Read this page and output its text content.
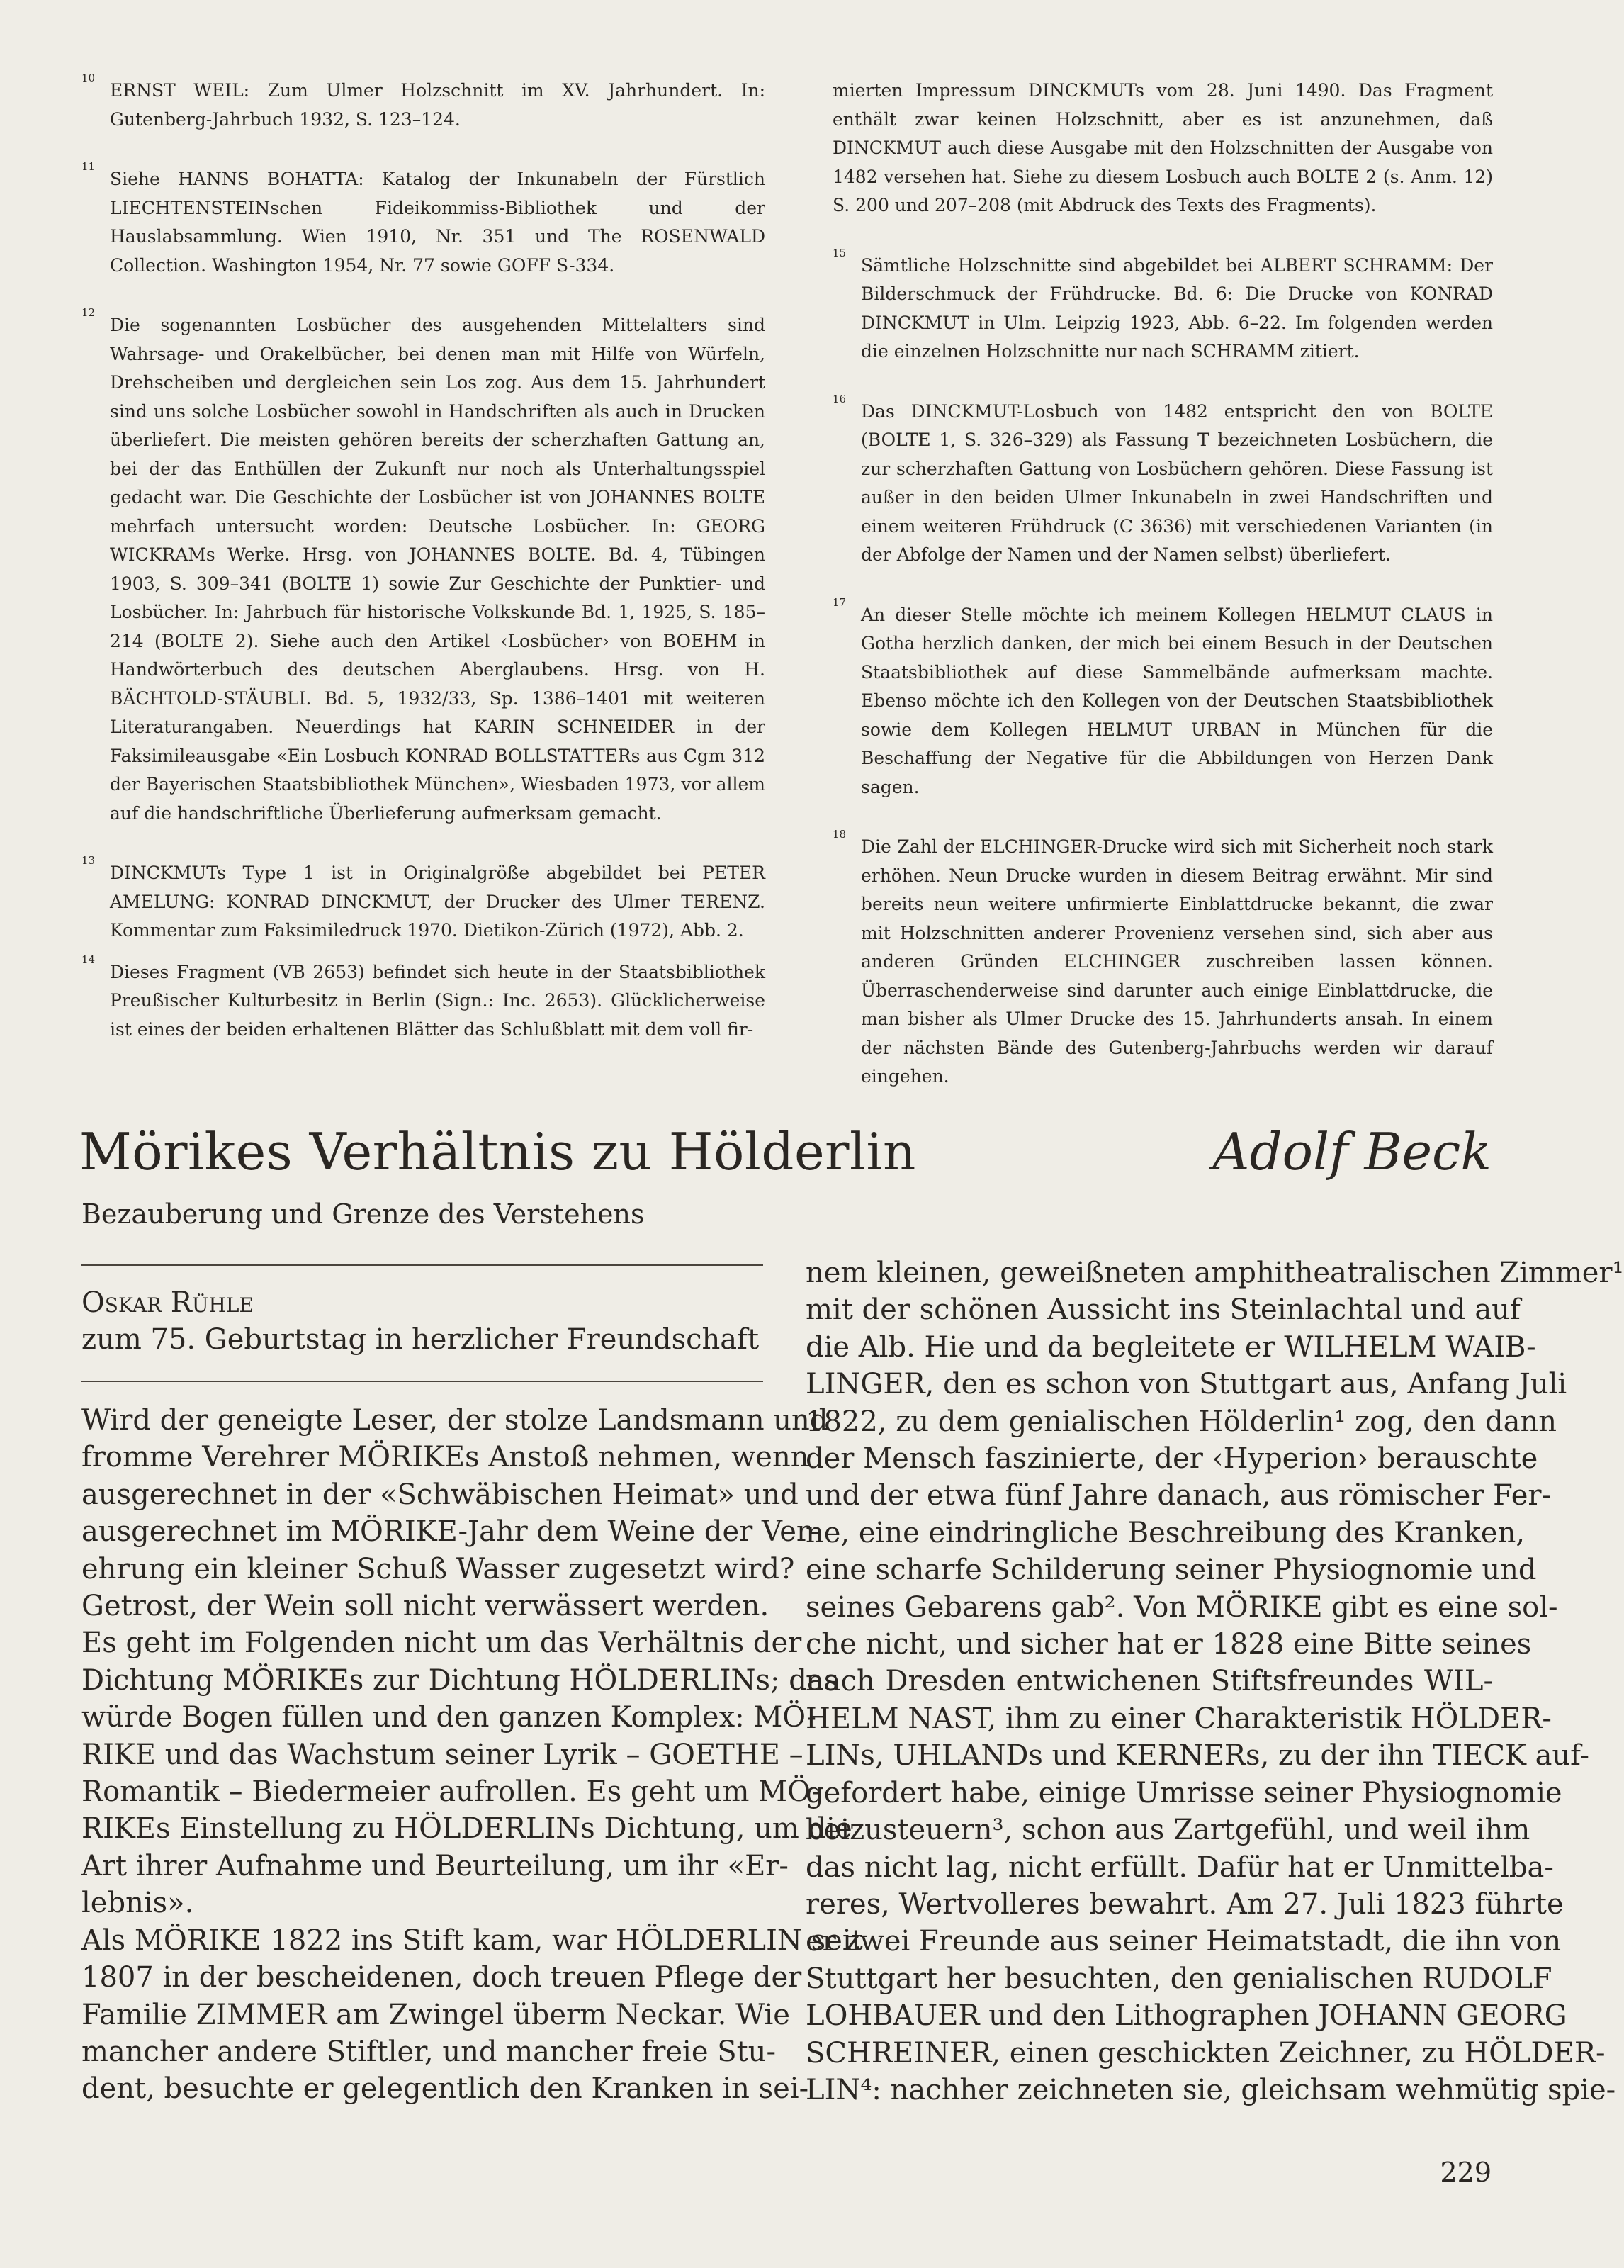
10
ERNST WEIL: Zum Ulmer Holzschnitt im XV. Jahrhundert. In: Gutenberg-Jahrbuch 1932, S. 123–124.
11
Siehe HANNS BOHATTA: Katalog der Inkunabeln der Fürstlich LIECHTENSTEINschen Fideikommiss-Bibliothek und der Hauslabsammlung. Wien 1910, Nr. 351 und The ROSENWALD Collection. Washington 1954, Nr. 77 sowie GOFF S-334.
12
Die sogenannten Losbücher des ausgehenden Mittelalters sind Wahrsage- und Orakelbücher, bei denen man mit Hilfe von Würfeln, Drehscheiben und dergleichen sein Los zog. Aus dem 15. Jahrhundert sind uns solche Losbücher sowohl in Handschriften als auch in Drucken überliefert. Die meisten gehören bereits der scherzhaften Gattung an, bei der das Enthüllen der Zukunft nur noch als Unterhaltungsspiel gedacht war. Die Geschichte der Losbücher ist von JOHANNES BOLTE mehrfach untersucht worden: Deutsche Losbücher. In: GEORG WICKRAMs Werke. Hrsg. von JOHANNES BOLTE. Bd. 4, Tübingen 1903, S. 309–341 (BOLTE 1) sowie Zur Geschichte der Punktier- und Losbücher. In: Jahrbuch für historische Volkskunde Bd. 1, 1925, S. 185–214 (BOLTE 2). Siehe auch den Artikel ‹Losbücher› von BOEHM in Handwörterbuch des deutschen Aberglaubens. Hrsg. von H. BÄCHTOLD-STÄUBLI. Bd. 5, 1932/33, Sp. 1386–1401 mit weiteren Literaturangaben. Neuerdings hat KARIN SCHNEIDER in der Faksimileausgabe «Ein Losbuch KONRAD BOLLSTATTERs aus Cgm 312 der Bayerischen Staatsbibliothek München», Wiesbaden 1973, vor allem auf die handschriftliche Überlieferung aufmerksam gemacht.
13
DINCKMUTs Type 1 ist in Originalgröße abgebildet bei PETER AMELUNG: KONRAD DINCKMUT, der Drucker des Ulmer TERENZ. Kommentar zum Faksimiledruck 1970. Dietikon-Zürich (1972), Abb. 2.
14
Dieses Fragment (VB 2653) befindet sich heute in der Staatsbibliothek Preußischer Kulturbesitz in Berlin (Sign.: Inc. 2653). Glücklicherweise ist eines der beiden erhaltenen Blätter das Schlußblatt mit dem voll fir-
mierten Impressum DINCKMUTs vom 28. Juni 1490. Das Fragment enthält zwar keinen Holzschnitt, aber es ist anzunehmen, daß DINCKMUT auch diese Ausgabe mit den Holzschnitten der Ausgabe von 1482 versehen hat. Siehe zu diesem Losbuch auch BOLTE 2 (s. Anm. 12) S. 200 und 207–208 (mit Abdruck des Texts des Fragments).
15
Sämtliche Holzschnitte sind abgebildet bei ALBERT SCHRAMM: Der Bilderschmuck der Frühdrucke. Bd. 6: Die Drucke von KONRAD DINCKMUT in Ulm. Leipzig 1923, Abb. 6–22. Im folgenden werden die einzelnen Holzschnitte nur nach SCHRAMM zitiert.
16
Das DINCKMUT-Losbuch von 1482 entspricht den von BOLTE (BOLTE 1, S. 326–329) als Fassung T bezeichneten Losbüchern, die zur scherzhaften Gattung von Losbüchern gehören. Diese Fassung ist außer in den beiden Ulmer Inkunabeln in zwei Handschriften und einem weiteren Frühdruck (C 3636) mit verschiedenen Varianten (in der Abfolge der Namen und der Namen selbst) überliefert.
17
An dieser Stelle möchte ich meinem Kollegen HELMUT CLAUS in Gotha herzlich danken, der mich bei einem Besuch in der Deutschen Staatsbibliothek auf diese Sammelbände aufmerksam machte. Ebenso möchte ich den Kollegen von der Deutschen Staatsbibliothek sowie dem Kollegen HELMUT URBAN in München für die Beschaffung der Negative für die Abbildungen von Herzen Dank sagen.
18
Die Zahl der ELCHINGER-Drucke wird sich mit Sicherheit noch stark erhöhen. Neun Drucke wurden in diesem Beitrag erwähnt. Mir sind bereits neun weitere unfirmierte Einblattdrucke bekannt, die zwar mit Holzschnitten anderer Provenienz versehen sind, sich aber aus anderen Gründen ELCHINGER zuschreiben lassen können. Überraschenderweise sind darunter auch einige Einblattdrucke, die man bisher als Ulmer Drucke des 15. Jahrhunderts ansah. In einem der nächsten Bände des Gutenberg-Jahrbuchs werden wir darauf eingehen.
Mörikes Verhältnis zu Hölderlin	Adolf Beck
Bezauberung und Grenze des Verstehens
Oskar Rühle
zum 75. Geburtstag in herzlicher Freundschaft
Wird der geneigte Leser, der stolze Landsmann und
fromme Verehrer MÖRIKEs Anstoß nehmen, wenn
ausgerechnet in der «Schwäbischen Heimat» und
ausgerechnet im MÖRIKE-Jahr dem Weine der Ver-
ehrung ein kleiner Schuß Wasser zugesetzt wird?
Getrost, der Wein soll nicht verwässert werden.
Es geht im Folgenden nicht um das Verhältnis der
Dichtung MÖRIKEs zur Dichtung HÖLDERLINs; das
würde Bogen füllen und den ganzen Komplex: MÖ-
RIKE und das Wachstum seiner Lyrik – GOETHE –
Romantik – Biedermeier aufrollen. Es geht um MÖ-
RIKEs Einstellung zu HÖLDERLINs Dichtung, um die
Art ihrer Aufnahme und Beurteilung, um ihr «Er-
lebnis».
Als MÖRIKE 1822 ins Stift kam, war HÖLDERLIN seit
1807 in der bescheidenen, doch treuen Pflege der
Familie ZIMMER am Zwingel überm Neckar. Wie
mancher andere Stiftler, und mancher freie Stu-
dent, besuchte er gelegentlich den Kranken in sei-
nem kleinen, geweißneten amphitheatralischen Zimmer¹
mit der schönen Aussicht ins Steinlachtal und auf
die Alb. Hie und da begleitete er WILHELM WAIB-
LINGER, den es schon von Stuttgart aus, Anfang Juli
1822, zu dem genialischen Hölderlin¹ zog, den dann
der Mensch faszinierte, der ‹Hyperion› berauschte
und der etwa fünf Jahre danach, aus römischer Fer-
ne, eine eindringliche Beschreibung des Kranken,
eine scharfe Schilderung seiner Physiognomie und
seines Gebarens gab². Von MÖRIKE gibt es eine sol-
che nicht, und sicher hat er 1828 eine Bitte seines
nach Dresden entwichenen Stiftsfreundes WIL-
HELM NAST, ihm zu einer Charakteristik HÖLDER-
LINs, UHLANDs und KERNERs, zu der ihn TIECK auf-
gefordert habe, einige Umrisse seiner Physiognomie
beizusteuern³, schon aus Zartgefühl, und weil ihm
das nicht lag, nicht erfüllt. Dafür hat er Unmittelba-
reres, Wertvolleres bewahrt. Am 27. Juli 1823 führte
er zwei Freunde aus seiner Heimatstadt, die ihn von
Stuttgart her besuchten, den genialischen RUDOLF
LOHBAUER und den Lithographen JOHANN GEORG
SCHREINER, einen geschickten Zeichner, zu HÖLDER-
LIN⁴: nachher zeichneten sie, gleichsam wehmütig spie-
229
